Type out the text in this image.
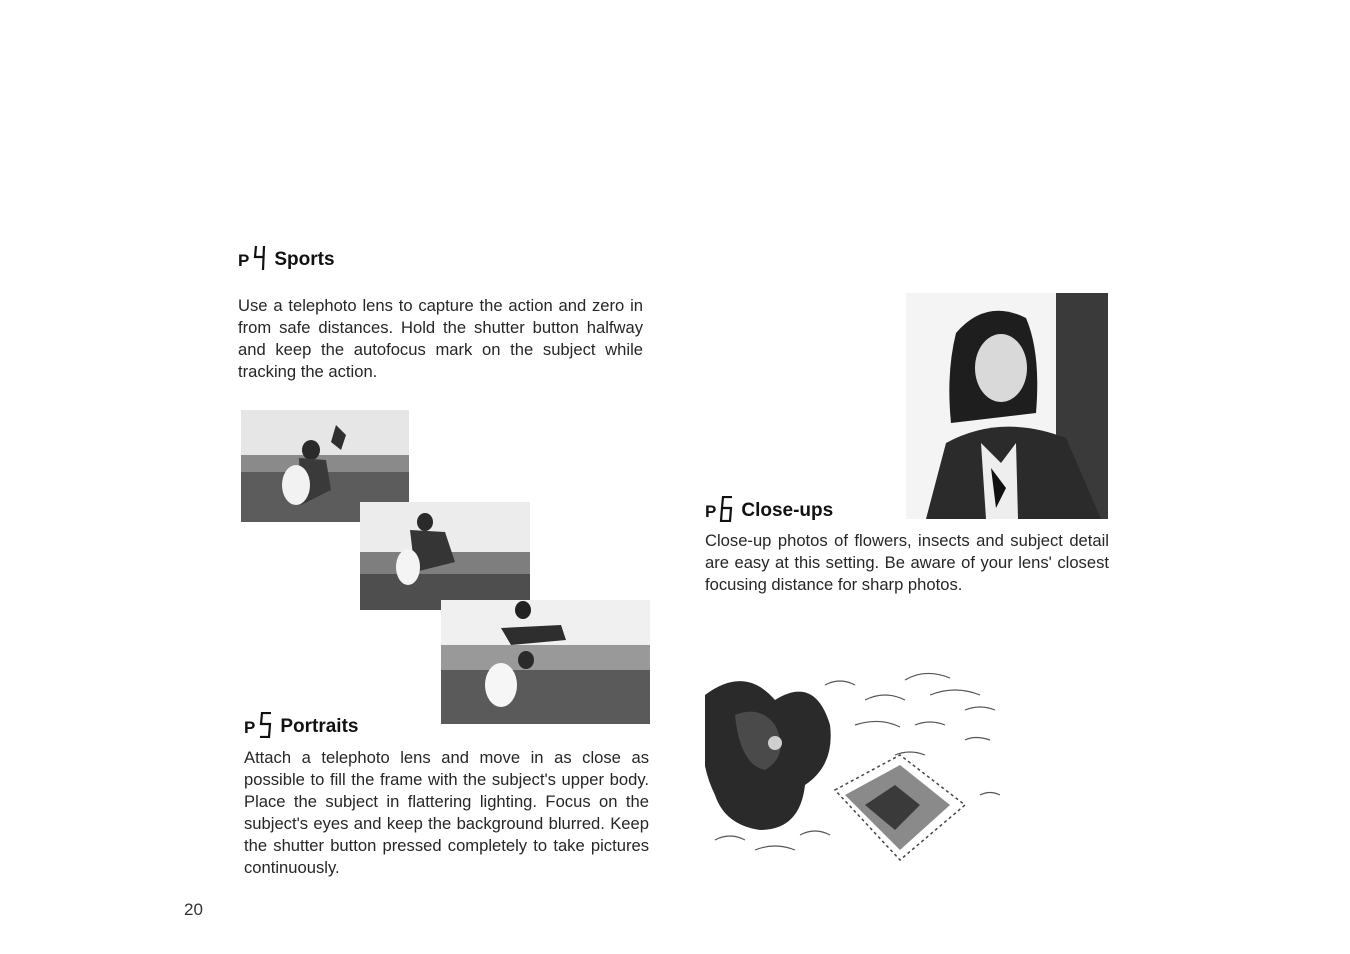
P Sports
Use a telephoto lens to capture the action and zero in from safe distances. Hold the shutter button halfway and keep the autofocus mark on the subject while tracking the action.
P Portraits
Attach a telephoto lens and move in as close as possible to fill the frame with the subject's upper body. Place the subject in flattering lighting. Focus on the subject's eyes and keep the background blurred. Keep the shutter button pressed completely to take pictures continuously.
P Close-ups
Close-up photos of flowers, insects and subject detail are easy at this setting. Be aware of your lens' closest focusing distance for sharp photos.
20
